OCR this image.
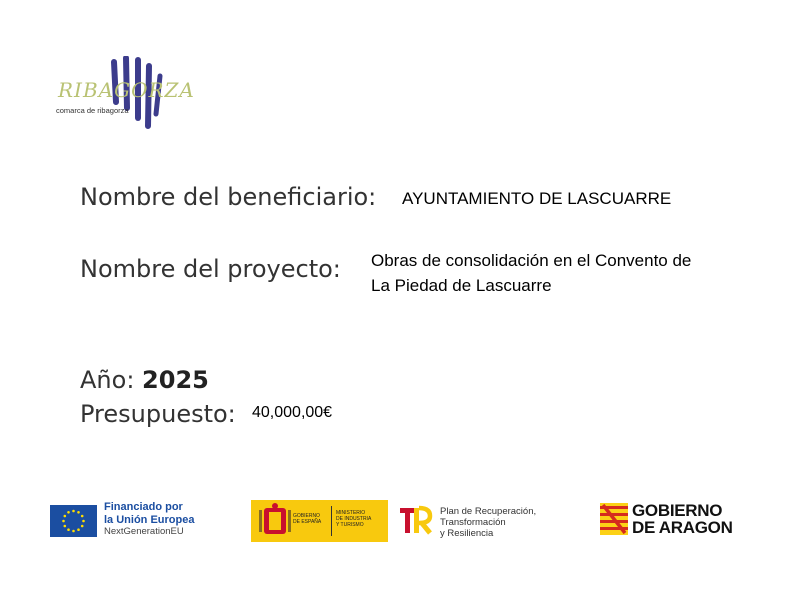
RIBAGORZA
comarca de ribagorza
Nombre del beneficiario: AYUNTAMIENTO DE LASCUARRE
Nombre del proyecto: Obras de consolidación en el Convento de
La Piedad de Lascuarre
Año: 2025
Presupuesto: 40,000,00€
Financiado por
la Unión Europea
NextGenerationEU
GOBIERNO
DE ESPAÑA
MINISTERIO
DE INDUSTRIA
Y TURISMO
Plan de Recuperación,
Transformación
y Resiliencia
GOBIERNO
DE ARAGON
